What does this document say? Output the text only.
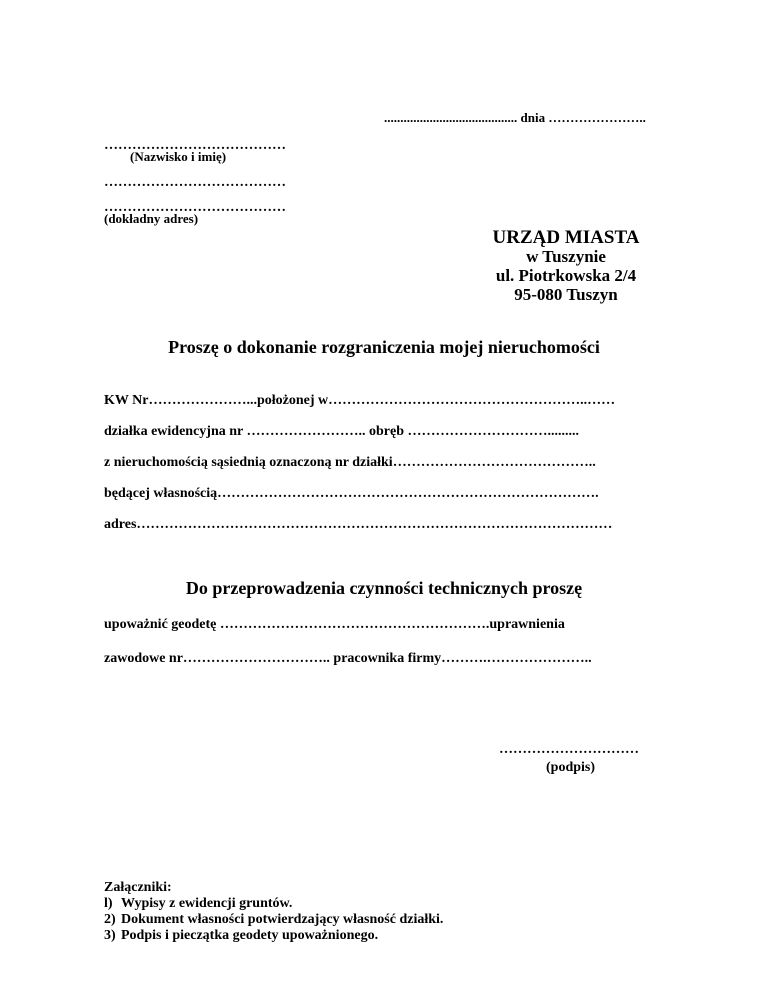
......................................... dnia …………………..
…………………………………
(Nazwisko i imię)
…………………………………
…………………………………
(dokładny adres)
URZĄD MIASTA
w Tuszynie
ul. Piotrkowska 2/4
95-080 Tuszyn
Proszę o dokonanie rozgraniczenia mojej nieruchomości
KW Nr…………………...położonej w………………………………………………..……
działka ewidencyjna nr …………………….. obręb ………………………….........
z nieruchomością sąsiednią oznaczoną nr działki……………………………………..
będącej własnością……………………………………………………………………….
adres…………………………………………………………………………………………
Do przeprowadzenia czynności technicznych proszę
upoważnić geodetę ………………………………………………….uprawnienia
zawodowe nr………………………….. pracownika firmy……….…………………..
…………………………
(podpis)
Załączniki:
l) Wypisy z ewidencji gruntów.
2) Dokument własności potwierdzający własność działki.
3) Podpis i pieczątka geodety upoważnionego.
